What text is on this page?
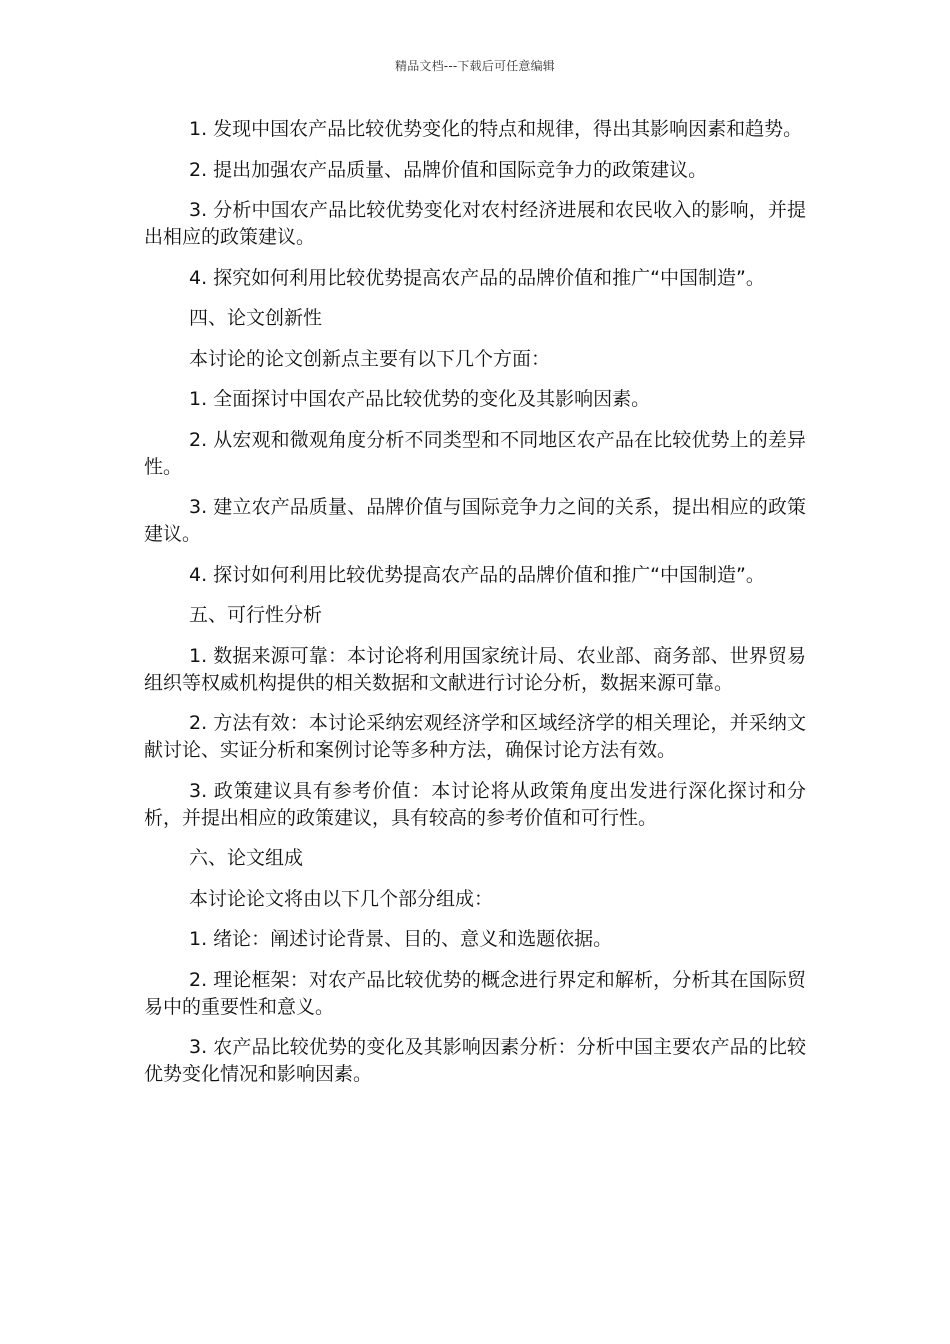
精品文档---下载后可任意编辑

1. 发现中国农产品比较优势变化的特点和规律，得出其影响因素和趋势。

2. 提出加强农产品质量、品牌价值和国际竞争力的政策建议。

3. 分析中国农产品比较优势变化对农村经济进展和农民收入的影响，并提出相应的政策建议。

4. 探究如何利用比较优势提高农产品的品牌价值和推广“中国制造”。

四、论文创新性

本讨论的论文创新点主要有以下几个方面：

1. 全面探讨中国农产品比较优势的变化及其影响因素。

2. 从宏观和微观角度分析不同类型和不同地区农产品在比较优势上的差异性。

3. 建立农产品质量、品牌价值与国际竞争力之间的关系，提出相应的政策建议。

4. 探讨如何利用比较优势提高农产品的品牌价值和推广“中国制造”。

五、可行性分析

1. 数据来源可靠：本讨论将利用国家统计局、农业部、商务部、世界贸易组织等权威机构提供的相关数据和文献进行讨论分析，数据来源可靠。

2. 方法有效：本讨论采纳宏观经济学和区域经济学的相关理论，并采纳文献讨论、实证分析和案例讨论等多种方法，确保讨论方法有效。

3. 政策建议具有参考价值：本讨论将从政策角度出发进行深化探讨和分析，并提出相应的政策建议，具有较高的参考价值和可行性。

六、论文组成

本讨论论文将由以下几个部分组成：

1. 绪论：阐述讨论背景、目的、意义和选题依据。

2. 理论框架：对农产品比较优势的概念进行界定和解析，分析其在国际贸易中的重要性和意义。

3. 农产品比较优势的变化及其影响因素分析：分析中国主要农产品的比较优势变化情况和影响因素。
